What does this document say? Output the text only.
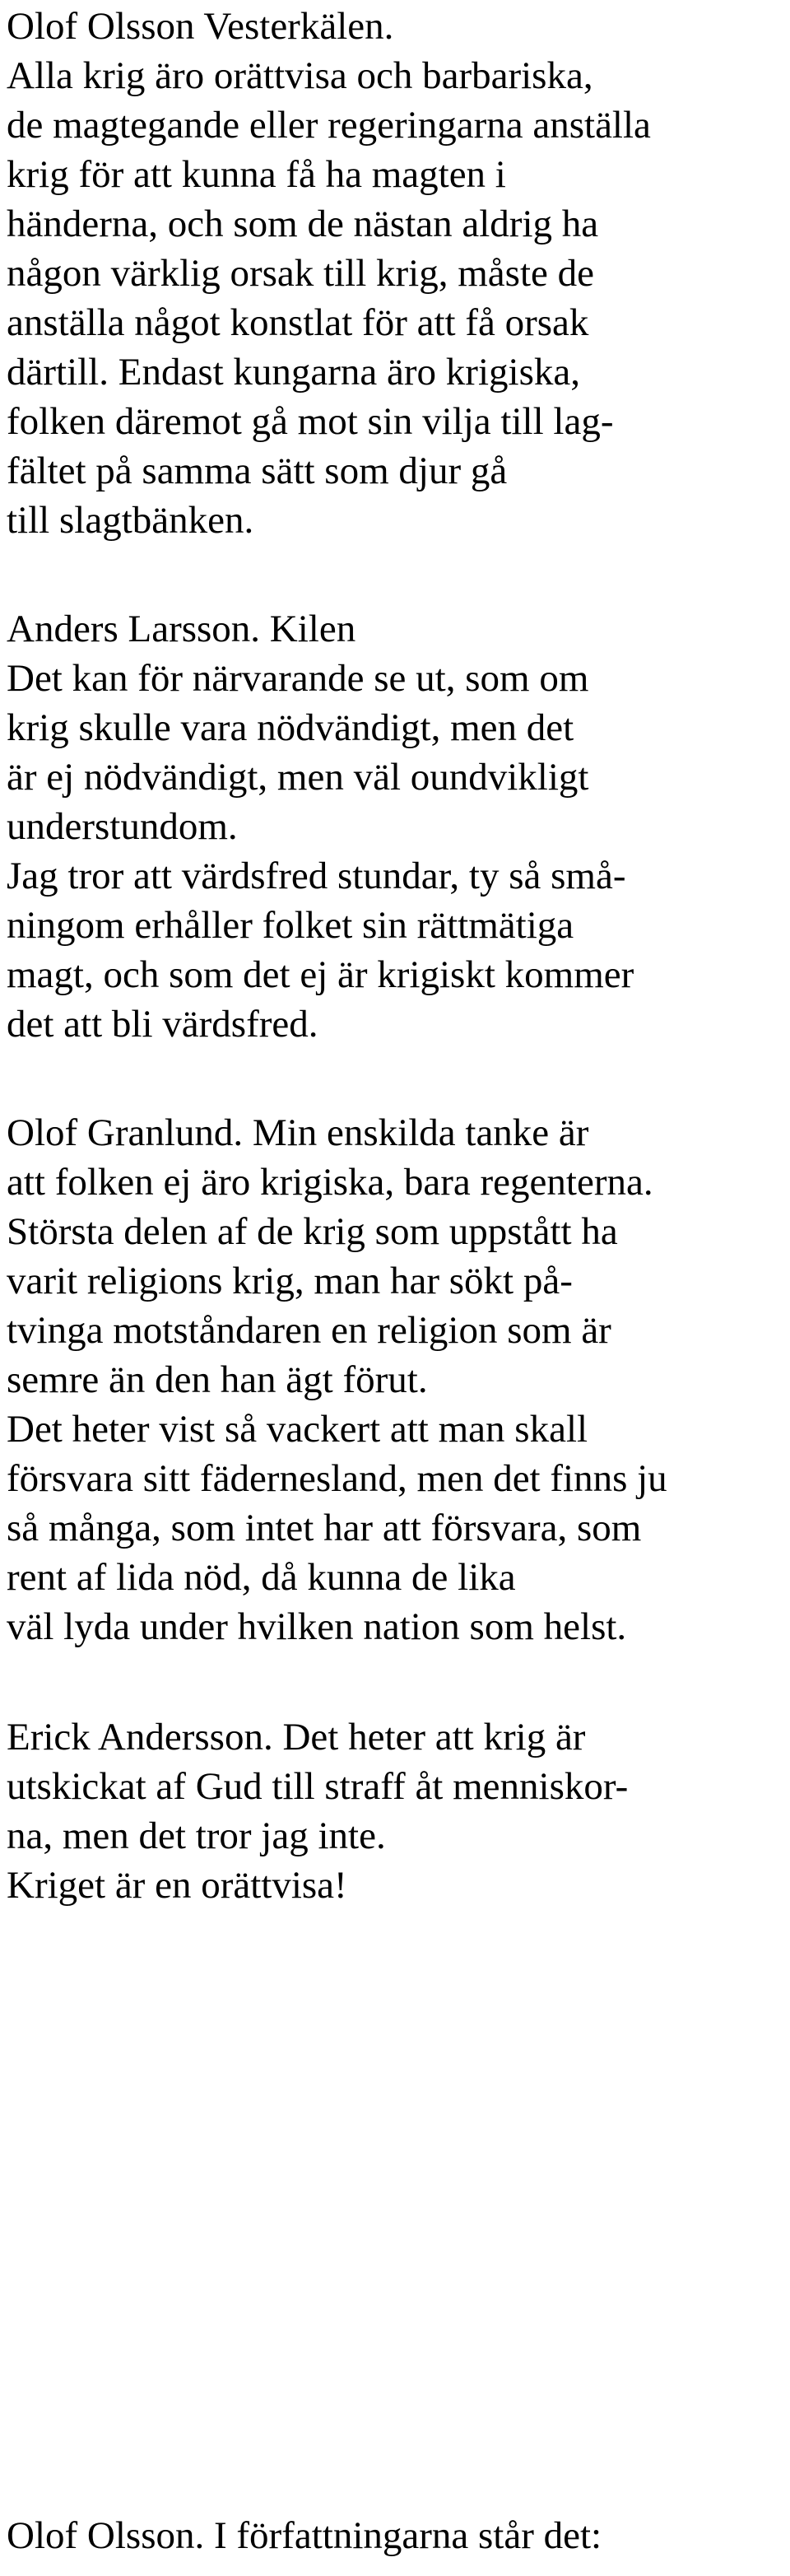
Olof Olsson Vesterkälen.

Alla krig äro orättvisa och barbariska,

de magtegande eller regeringarna anställa

krig för att kunna få ha magten i

händerna, och som de nästan aldrig ha

någon värklig orsak till krig, måste de

anställa något konstlat för att få orsak

därtill. Endast kungarna äro krigiska,

folken däremot gå mot sin vilja till lag-

fältet på samma sätt som djur gå

till slagtbänken.

Anders Larsson. Kilen

Det kan för närvarande se ut, som om

krig skulle vara nödvändigt, men det

är ej nödvändigt, men väl oundvikligt

understundom.

Jag tror att värdsfred stundar, ty så små-

ningom erhåller folket sin rättmätiga

magt, och som det ej är krigiskt kommer

det att bli värdsfred.

Olof Granlund. Min enskilda tanke är

att folken ej äro krigiska, bara regenterna.

Största delen af de krig som uppstått ha

varit religions krig, man har sökt på-

tvinga motståndaren en religion som är

semre än den han ägt förut.

Det heter vist så vackert att man skall

försvara sitt fädernesland, men det finns ju

så många, som intet har att försvara, som

rent af lida nöd, då kunna de lika

väl lyda under hvilken nation som helst.

Erick Andersson. Det heter att krig är

utskickat af Gud till straff åt menniskor-

na, men det tror jag inte.

Kriget är en orättvisa!

Olof Olsson. I författningarna står det:
